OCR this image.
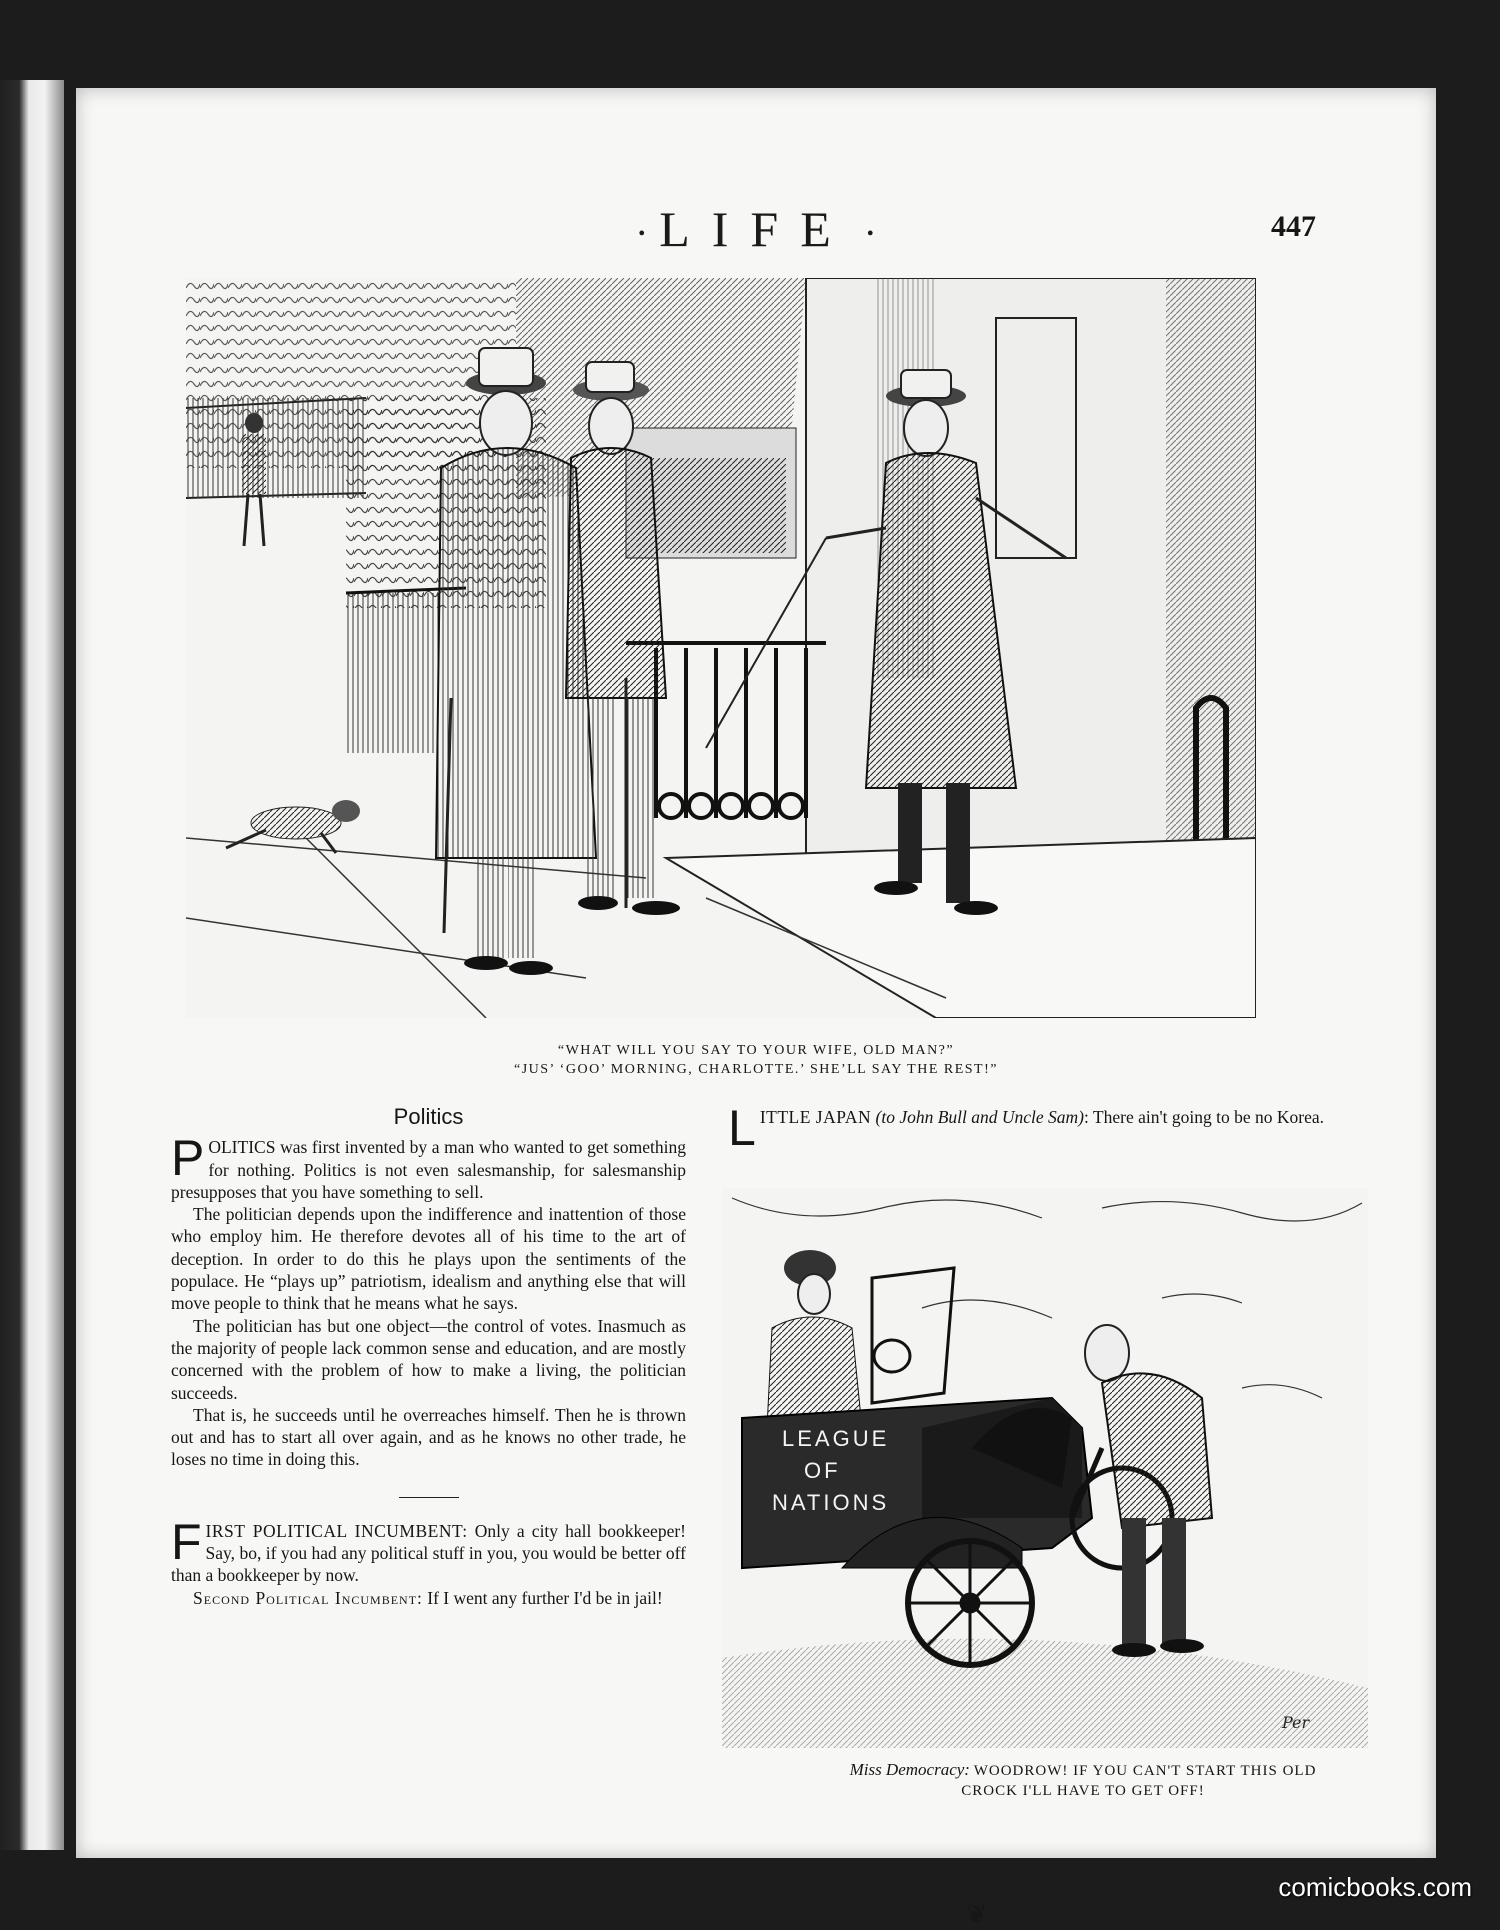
• LIFE •	447
“WHAT WILL YOU SAY TO YOUR WIFE, OLD MAN?”
“JUS’ ‘GOO’ MORNING, CHARLOTTE.’ SHE’LL SAY THE REST!”
Politics

POLITICS was first invented by a man who wanted to get something for nothing. Politics is not even salesmanship, for salesmanship presupposes that you have something to sell.

The politician depends upon the indifference and inattention of those who employ him. He therefore devotes all of his time to the art of deception. In order to do this he plays upon the sentiments of the populace. He “plays up” patriotism, idealism and anything else that will move people to think that he means what he says.

The politician has but one object—the control of votes. Inasmuch as the majority of people lack common sense and education, and are mostly concerned with the problem of how to make a living, the politician succeeds.

That is, he succeeds until he overreaches himself. Then he is thrown out and has to start all over again, and as he knows no other trade, he loses no time in doing this.

FIRST POLITICAL INCUMBENT: Only a city hall bookkeeper! Say, bo, if you had any political stuff in you, you would be better off than a bookkeeper by now.

Second Political Incumbent: If I went any further I'd be in jail!

LITTLE JAPAN (to John Bull and Uncle Sam): There ain't going to be no Korea.

LEAGUE
OF
NATIONS
Per
Miss Democracy: WOODROW! IF YOU CAN'T START THIS OLD
CROCK I'LL HAVE TO GET OFF!
❦
comicbooks.com
